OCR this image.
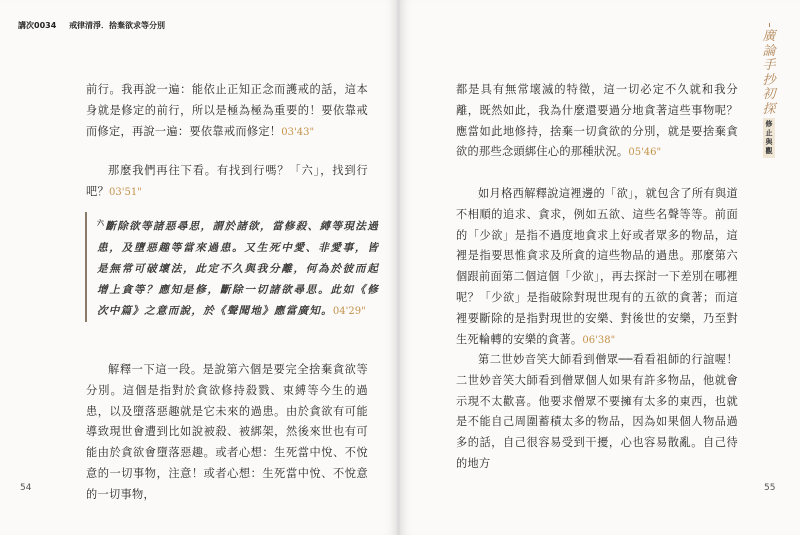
講次0034 戒律清淨．捨棄欲求等分別

前行。我再說一遍：能依止正知正念而護戒的話，這本身就是修定的前行，所以是極為極為重要的！要依靠戒而修定，再說一遍：要依靠戒而修定！03'43"

那麼我們再往下看。有找到行嗎？「六」，找到行吧？03'51"

$^六$斷除欲等諸惡尋思，謂於諸欲，當修殺、縛等現法過患，及墮惡趣等當來過患。又生死中愛、非愛事，皆是無常可破壞法，此定不久與我分離，何為於彼而起增上貪等？應知是修，斷除一切諸欲尋思。此如《修次中篇》之意而說，於《聲聞地》應當廣知。04'29"

解釋一下這一段。是說第六個是要完全捨棄貪欲等分別。這個是指對於貪欲修持殺戮、束縛等今生的過患，以及墮落惡趣就是它未來的過患。由於貪欲有可能導致現世會遭到比如說被殺、被綁架，然後來世也有可能由於貪欲會墮落惡趣。或者心想：生死當中悅、不悅意的一切事物，注意！或者心想：生死當中悅、不悅意的一切事物，

54

都是具有無常壞滅的特徵，這一切必定不久就和我分離，既然如此，我為什麼還要過分地貪著這些事物呢？應當如此地修持，捨棄一切貪欲的分別，就是要捨棄貪欲的那些念頭綁住心的那種狀況。05'46"

如月格西解釋說這裡邊的「欲」，就包含了所有與道不相順的追求、貪求，例如五欲、這些名聲等等。前面的「少欲」是指不過度地貪求上好或者眾多的物品，這裡是指要思惟貪求及所貪的這些物品的過患。那麼第六個跟前面第二個這個「少欲」，再去探討一下差別在哪裡呢？「少欲」是指破除對現世現有的五欲的貪著；而這裡要斷除的是指對現世的安樂、對後世的安樂，乃至對生死輪轉的安樂的貪著。06'38"

第二世妙音笑大師看到僧眾──看看祖師的行誼喔！二世妙音笑大師看到僧眾個人如果有許多物品，他就會示現不太歡喜。他要求僧眾不要擁有太多的東西，也就是不能自己周圍蓄積太多的物品，因為如果個人物品過多的話，自己很容易受到干擾，心也容易散亂。自己待的地方

55
廣論手抄初探
修止與觀
